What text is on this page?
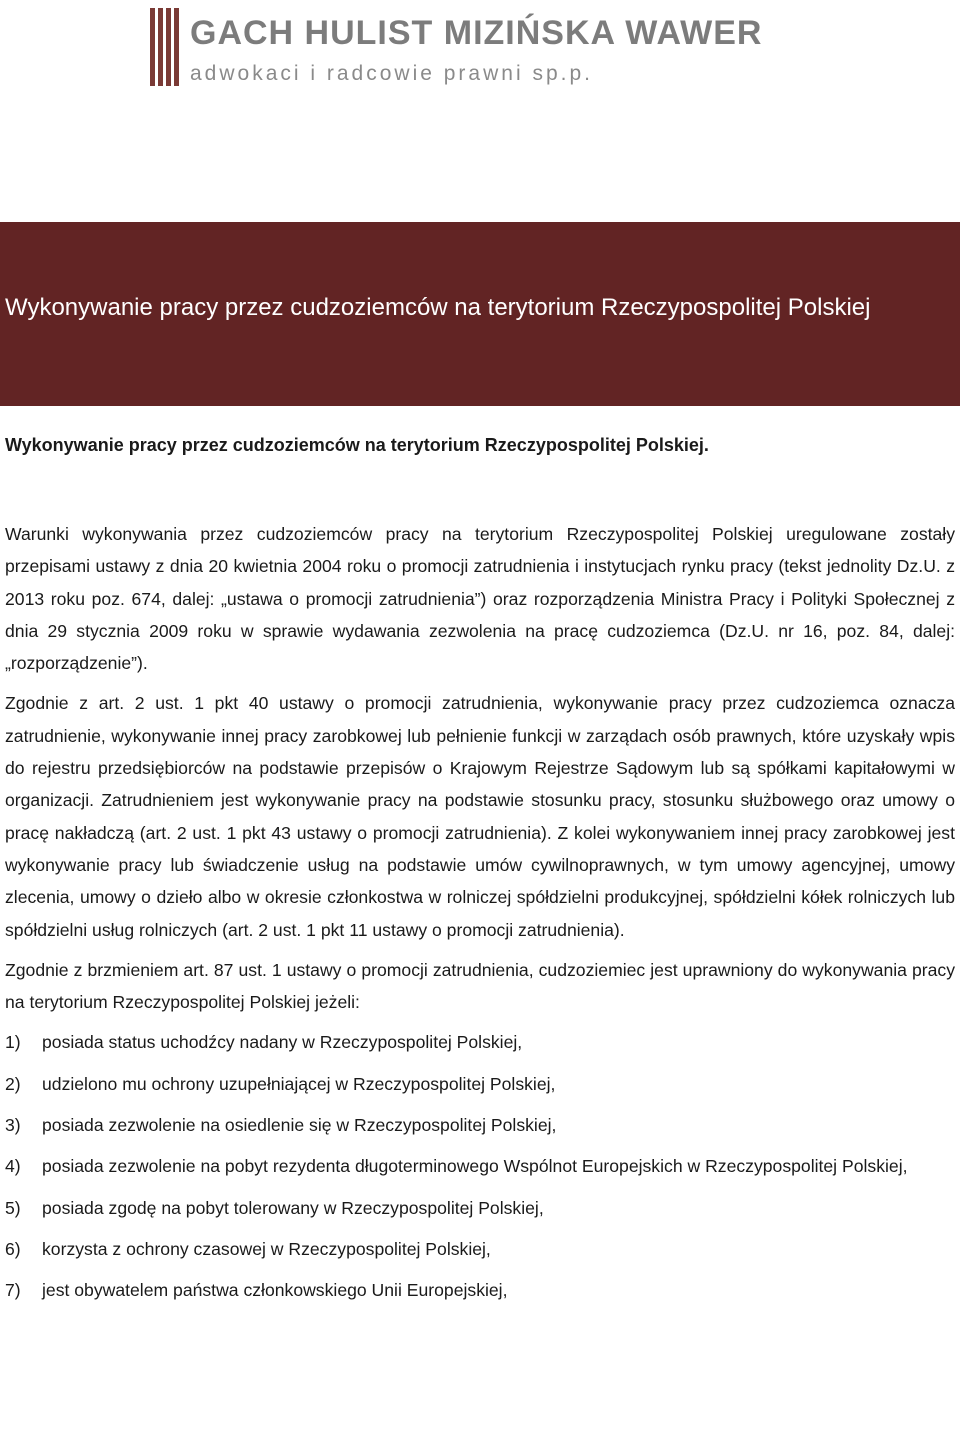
GACH HULIST MIZIŃSKA WAWER
adwokaci i radcowie prawni sp.p.
Wykonywanie pracy przez cudzoziemców na terytorium Rzeczypospolitej Polskiej
Wykonywanie pracy przez cudzoziemców na terytorium Rzeczypospolitej Polskiej.

Warunki wykonywania przez cudzoziemców pracy na terytorium Rzeczypospolitej Polskiej uregulowane zostały przepisami ustawy z dnia 20 kwietnia 2004 roku o promocji zatrudnienia i instytucjach rynku pracy (tekst jednolity Dz.U. z 2013 roku poz. 674, dalej: „ustawa o promocji zatrudnienia”) oraz rozporządzenia Ministra Pracy i Polityki Społecznej z dnia 29 stycznia 2009 roku w sprawie wydawania zezwolenia na pracę cudzoziemca (Dz.U. nr 16, poz. 84, dalej: „rozporządzenie”).

Zgodnie z art. 2 ust. 1 pkt 40 ustawy o promocji zatrudnienia, wykonywanie pracy przez cudzoziemca oznacza zatrudnienie, wykonywanie innej pracy zarobkowej lub pełnienie funkcji w zarządach osób prawnych, które uzyskały wpis do rejestru przedsiębiorców na podstawie przepisów o Krajowym Rejestrze Sądowym lub są spółkami kapitałowymi w organizacji. Zatrudnieniem jest wykonywanie pracy na podstawie stosunku pracy, stosunku służbowego oraz umowy o pracę nakładczą (art. 2 ust. 1 pkt 43 ustawy o promocji zatrudnienia). Z kolei wykonywaniem innej pracy zarobkowej jest wykonywanie pracy lub świadczenie usług na podstawie umów cywilnoprawnych, w tym umowy agencyjnej, umowy zlecenia, umowy o dzieło albo w okresie członkostwa w rolniczej spółdzielni produkcyjnej, spółdzielni kółek rolniczych lub spółdzielni usług rolniczych (art. 2 ust. 1 pkt 11 ustawy o promocji zatrudnienia).

Zgodnie z brzmieniem art. 87 ust. 1 ustawy o promocji zatrudnienia, cudzoziemiec jest uprawniony do wykonywania pracy na terytorium Rzeczypospolitej Polskiej jeżeli:

1) posiada status uchodźcy nadany w Rzeczypospolitej Polskiej,
2) udzielono mu ochrony uzupełniającej w Rzeczypospolitej Polskiej,
3) posiada zezwolenie na osiedlenie się w Rzeczypospolitej Polskiej,
4) posiada zezwolenie na pobyt rezydenta długoterminowego Wspólnot Europejskich w Rzeczypospolitej Polskiej,
5) posiada zgodę na pobyt tolerowany w Rzeczypospolitej Polskiej,
6) korzysta z ochrony czasowej w Rzeczypospolitej Polskiej,
7) jest obywatelem państwa członkowskiego Unii Europejskiej,
